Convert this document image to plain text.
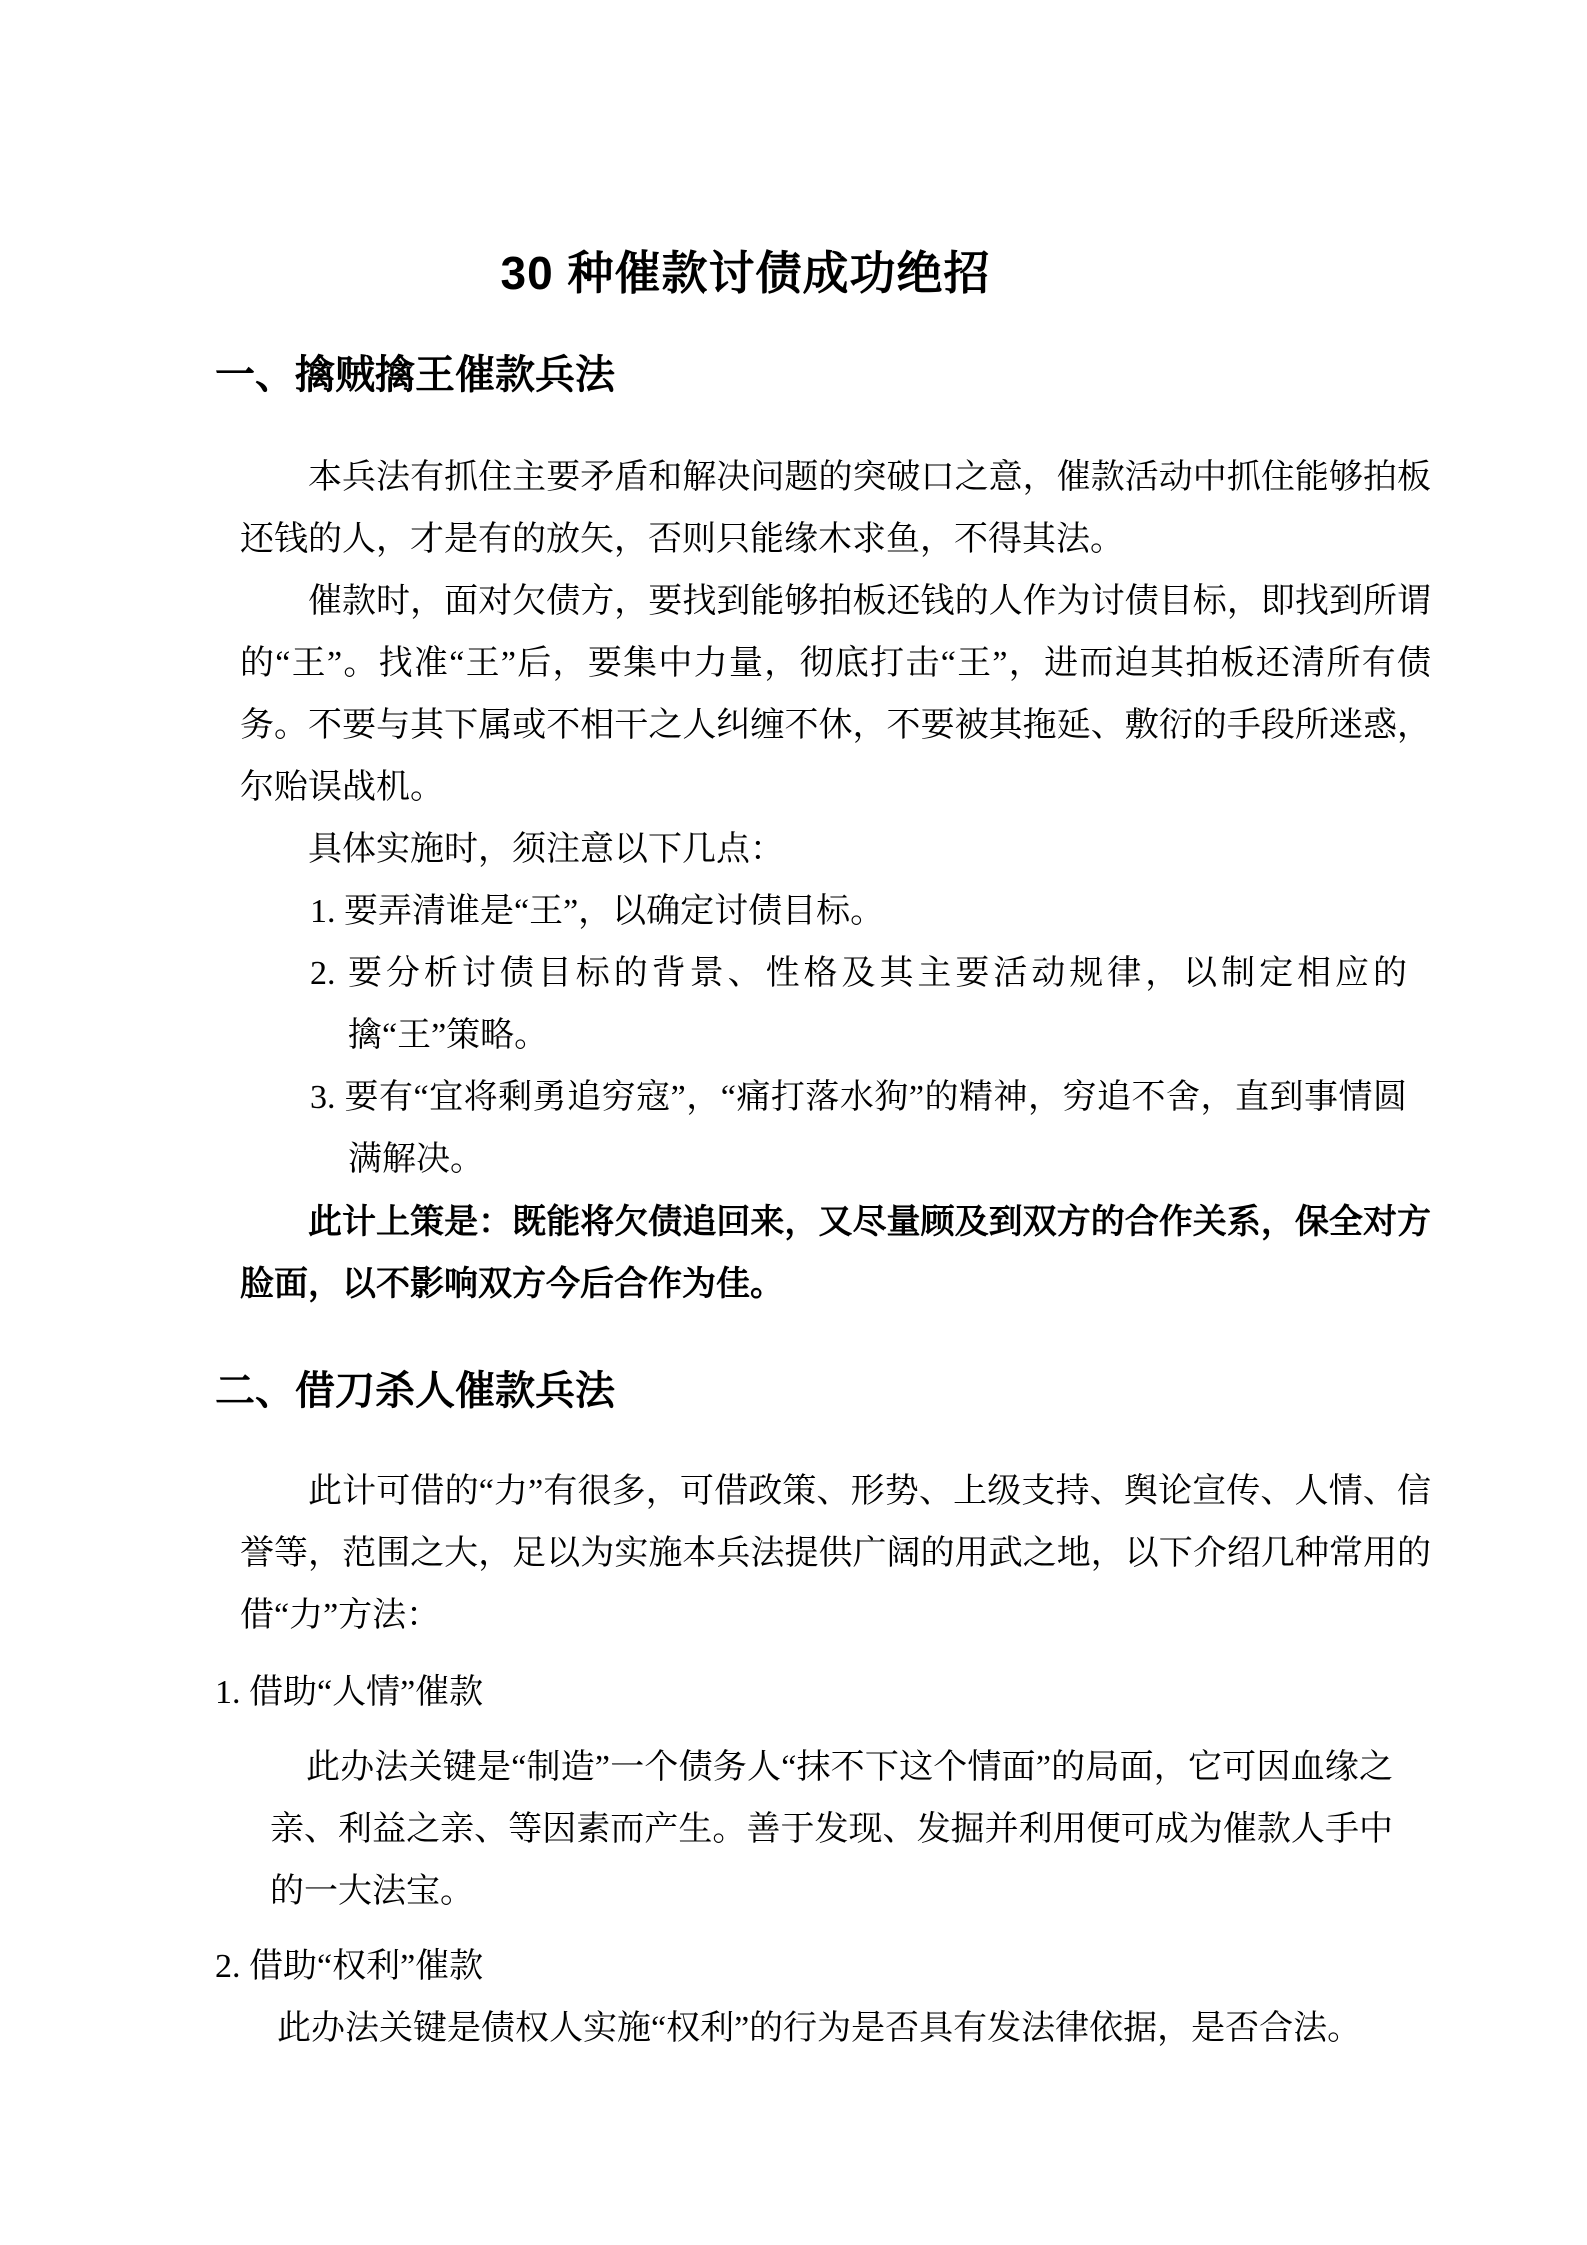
30 种催款讨债成功绝招
一、擒贼擒王催款兵法

本兵法有抓住主要矛盾和解决问题的突破口之意，催款活动中抓住能够拍板还钱的人，才是有的放矢，否则只能缘木求鱼，不得其法。

催款时，面对欠债方，要找到能够拍板还钱的人作为讨债目标，即找到所谓的“王”。找准“王”后，要集中力量，彻底打击“王”，进而迫其拍板还清所有债务。不要与其下属或不相干之人纠缠不休，不要被其拖延、敷衍的手段所迷惑，尔贻误战机。

具体实施时，须注意以下几点：

1. 要弄清谁是“王”，以确定讨债目标。

2. 要分析讨债目标的背景、性格及其主要活动规律，以制定相应的擒“王”策略。

3. 要有“宜将剩勇追穷寇”，“痛打落水狗”的精神，穷追不舍，直到事情圆满解决。

此计上策是：既能将欠债追回来，又尽量顾及到双方的合作关系，保全对方脸面，以不影响双方今后合作为佳。

二、借刀杀人催款兵法

此计可借的“力”有很多，可借政策、形势、上级支持、舆论宣传、人情、信誉等，范围之大，足以为实施本兵法提供广阔的用武之地，以下介绍几种常用的借“力”方法：

1. 借助“人情”催款

此办法关键是“制造”一个债务人“抹不下这个情面”的局面，它可因血缘之亲、利益之亲、等因素而产生。善于发现、发掘并利用便可成为催款人手中的一大法宝。

2. 借助“权利”催款

此办法关键是债权人实施“权利”的行为是否具有发法律依据，是否合法。
